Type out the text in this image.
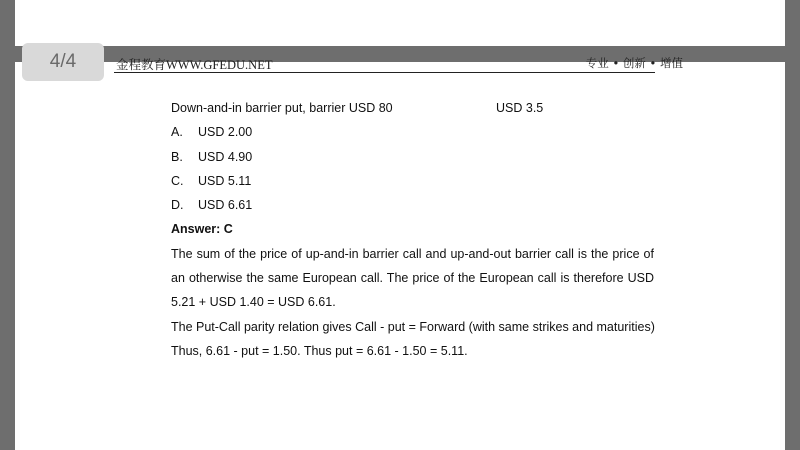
4/4	金程教育WWW.GFEDU.NET	专业 • 创新 • 增值
Down-and-in barrier put, barrier USD 80	USD 3.5
A. USD 2.00
B. USD 4.90
C. USD 5.11
D. USD 6.61
Answer: C
The sum of the price of up-and-in barrier call and up-and-out barrier call is the price of an otherwise the same European call. The price of the European call is therefore USD 5.21 + USD 1.40 = USD 6.61.
The Put-Call parity relation gives Call - put = Forward (with same strikes and maturities)
Thus, 6.61 - put = 1.50. Thus put = 6.61 - 1.50 = 5.11.
